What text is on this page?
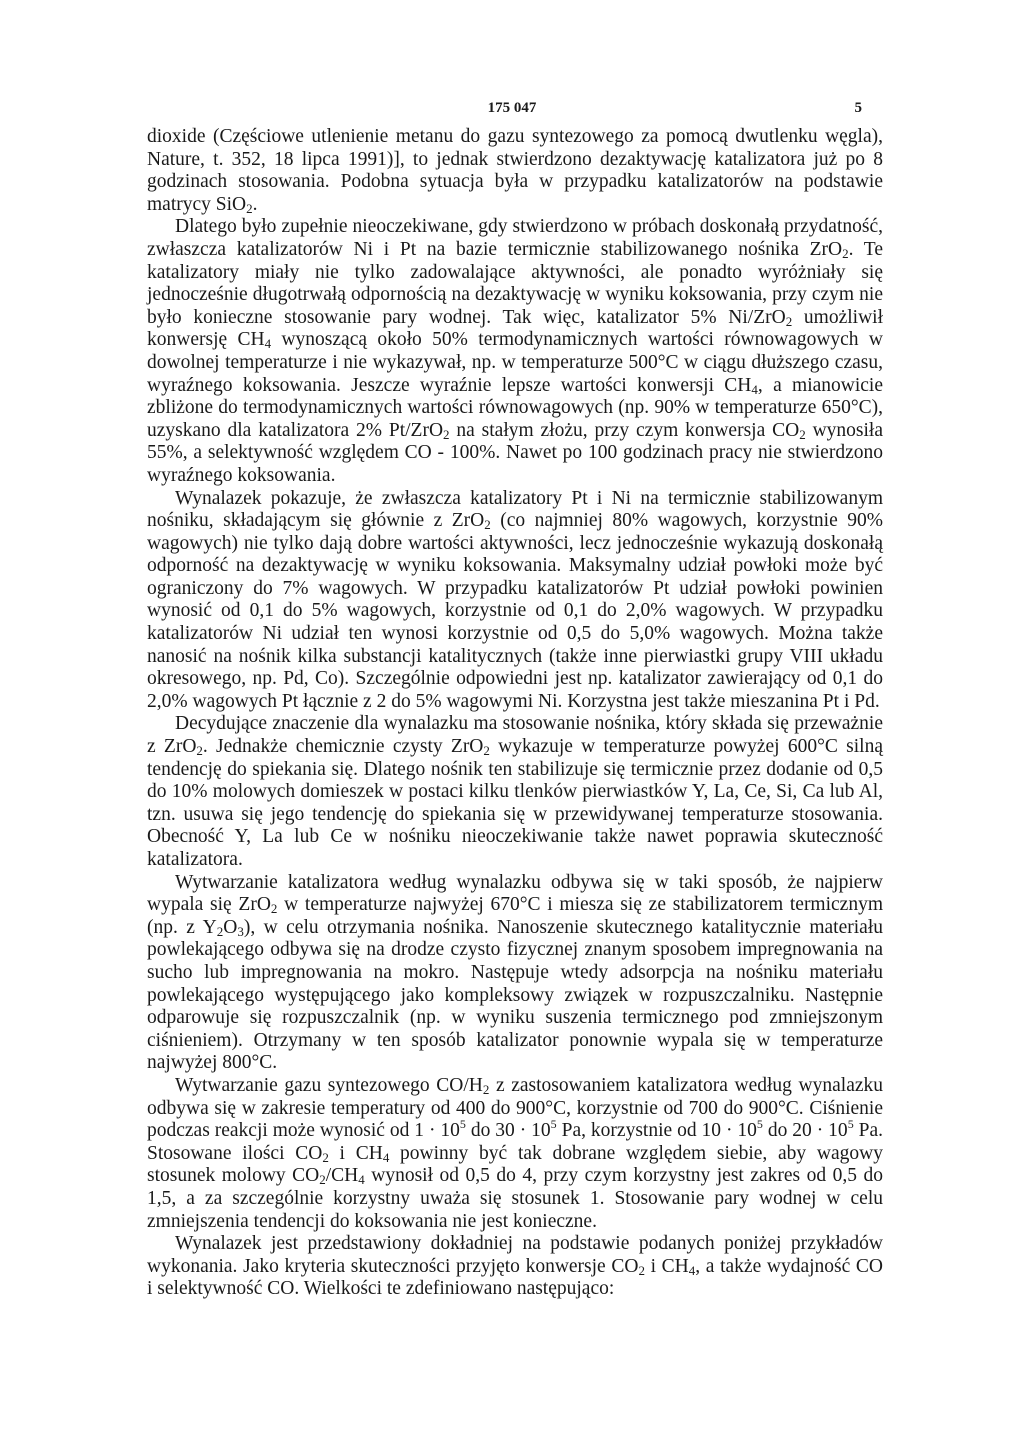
175 047	5

dioxide (Częściowe utlenienie metanu do gazu syntezowego za pomocą dwutlenku węgla), Nature, t. 352, 18 lipca 1991)], to jednak stwierdzono dezaktywację katalizatora już po 8 godzinach stosowania. Podobna sytuacja była w przypadku katalizatorów na podstawie matrycy SiO$_2$.

Dlatego było zupełnie nieoczekiwane, gdy stwierdzono w próbach doskonałą przydatność, zwłaszcza katalizatorów Ni i Pt na bazie termicznie stabilizowanego nośnika ZrO$_2$. Te katalizatory miały nie tylko zadowalające aktywności, ale ponadto wyróżniały się jednocześnie długotrwałą odpornością na dezaktywację w wyniku koksowania, przy czym nie było konieczne stosowanie pary wodnej. Tak więc, katalizator 5% Ni/ZrO$_2$ umożliwił konwersję $CH_4$ wynoszącą około 50% termodynamicznych wartości równowagowych w dowolnej temperaturze i nie wykazywał, np. w temperaturze 500°C w ciągu dłuższego czasu, wyraźnego koksowania. Jeszcze wyraźnie lepsze wartości konwersji $CH_4$, a mianowicie zbliżone do termodynamicznych wartości równowagowych (np. 90% w temperaturze 650°C), uzyskano dla katalizatora 2% Pt/ZrO$_2$ na stałym złożu, przy czym konwersja $CO_2$ wynosiła 55%, a selektywność względem CO - 100%. Nawet po 100 godzinach pracy nie stwierdzono wyraźnego koksowania.

Wynalazek pokazuje, że zwłaszcza katalizatory Pt i Ni na termicznie stabilizowanym nośniku, składającym się głównie z ZrO$_2$ (co najmniej 80% wagowych, korzystnie 90% wagowych) nie tylko dają dobre wartości aktywności, lecz jednocześnie wykazują doskonałą odporność na dezaktywację w wyniku koksowania. Maksymalny udział powłoki może być ograniczony do 7% wagowych. W przypadku katalizatorów Pt udział powłoki powinien wynosić od 0,1 do 5% wagowych, korzystnie od 0,1 do 2,0% wagowych. W przypadku katalizatorów Ni udział ten wynosi korzystnie od 0,5 do 5,0% wagowych. Można także nanosić na nośnik kilka substancji katalitycznych (także inne pierwiastki grupy VIII układu okresowego, np. Pd, Co). Szczególnie odpowiedni jest np. katalizator zawierający od 0,1 do 2,0% wagowych Pt łącznie z 2 do 5% wagowymi Ni. Korzystna jest także mieszanina Pt i Pd.

Decydujące znaczenie dla wynalazku ma stosowanie nośnika, który składa się przeważnie z ZrO$_2$. Jednakże chemicznie czysty ZrO$_2$ wykazuje w temperaturze powyżej 600°C silną tendencję do spiekania się. Dlatego nośnik ten stabilizuje się termicznie przez dodanie od 0,5 do 10% molowych domieszek w postaci kilku tlenków pierwiastków Y, La, Ce, Si, Ca lub Al, tzn. usuwa się jego tendencję do spiekania się w przewidywanej temperaturze stosowania. Obecność Y, La lub Ce w nośniku nieoczekiwanie także nawet poprawia skuteczność katalizatora.

Wytwarzanie katalizatora według wynalazku odbywa się w taki sposób, że najpierw wypala się ZrO$_2$ w temperaturze najwyżej 670°C i miesza się ze stabilizatorem termicznym (np. z $Y_2O_3$), w celu otrzymania nośnika. Nanoszenie skutecznego katalitycznie materiału powlekającego odbywa się na drodze czysto fizycznej znanym sposobem impregnowania na sucho lub impregnowania na mokro. Następuje wtedy adsorpcja na nośniku materiału powlekającego występującego jako kompleksowy związek w rozpuszczalniku. Następnie odparowuje się rozpuszczalnik (np. w wyniku suszenia termicznego pod zmniejszonym ciśnieniem). Otrzymany w ten sposób katalizator ponownie wypala się w temperaturze najwyżej 800°C.

Wytwarzanie gazu syntezowego $CO/H_2$ z zastosowaniem katalizatora według wynalazku odbywa się w zakresie temperatury od 400 do 900°C, korzystnie od 700 do 900°C. Ciśnienie podczas reakcji może wynosić od $1 \cdot 10^5$ do $30 \cdot 10^5$ Pa, korzystnie od $10 \cdot 10^5$ do $20 \cdot 10^5$ Pa. Stosowane ilości $CO_2$ i $CH_4$ powinny być tak dobrane względem siebie, aby wagowy stosunek molowy $CO_2/CH_4$ wynosił od 0,5 do 4, przy czym korzystny jest zakres od 0,5 do 1,5, a za szczególnie korzystny uważa się stosunek 1. Stosowanie pary wodnej w celu zmniejszenia tendencji do koksowania nie jest konieczne.

Wynalazek jest przedstawiony dokładniej na podstawie podanych poniżej przykładów wykonania. Jako kryteria skuteczności przyjęto konwersje $CO_2$ i $CH_4$, a także wydajność CO i selektywność CO. Wielkości te zdefiniowano następująco:
